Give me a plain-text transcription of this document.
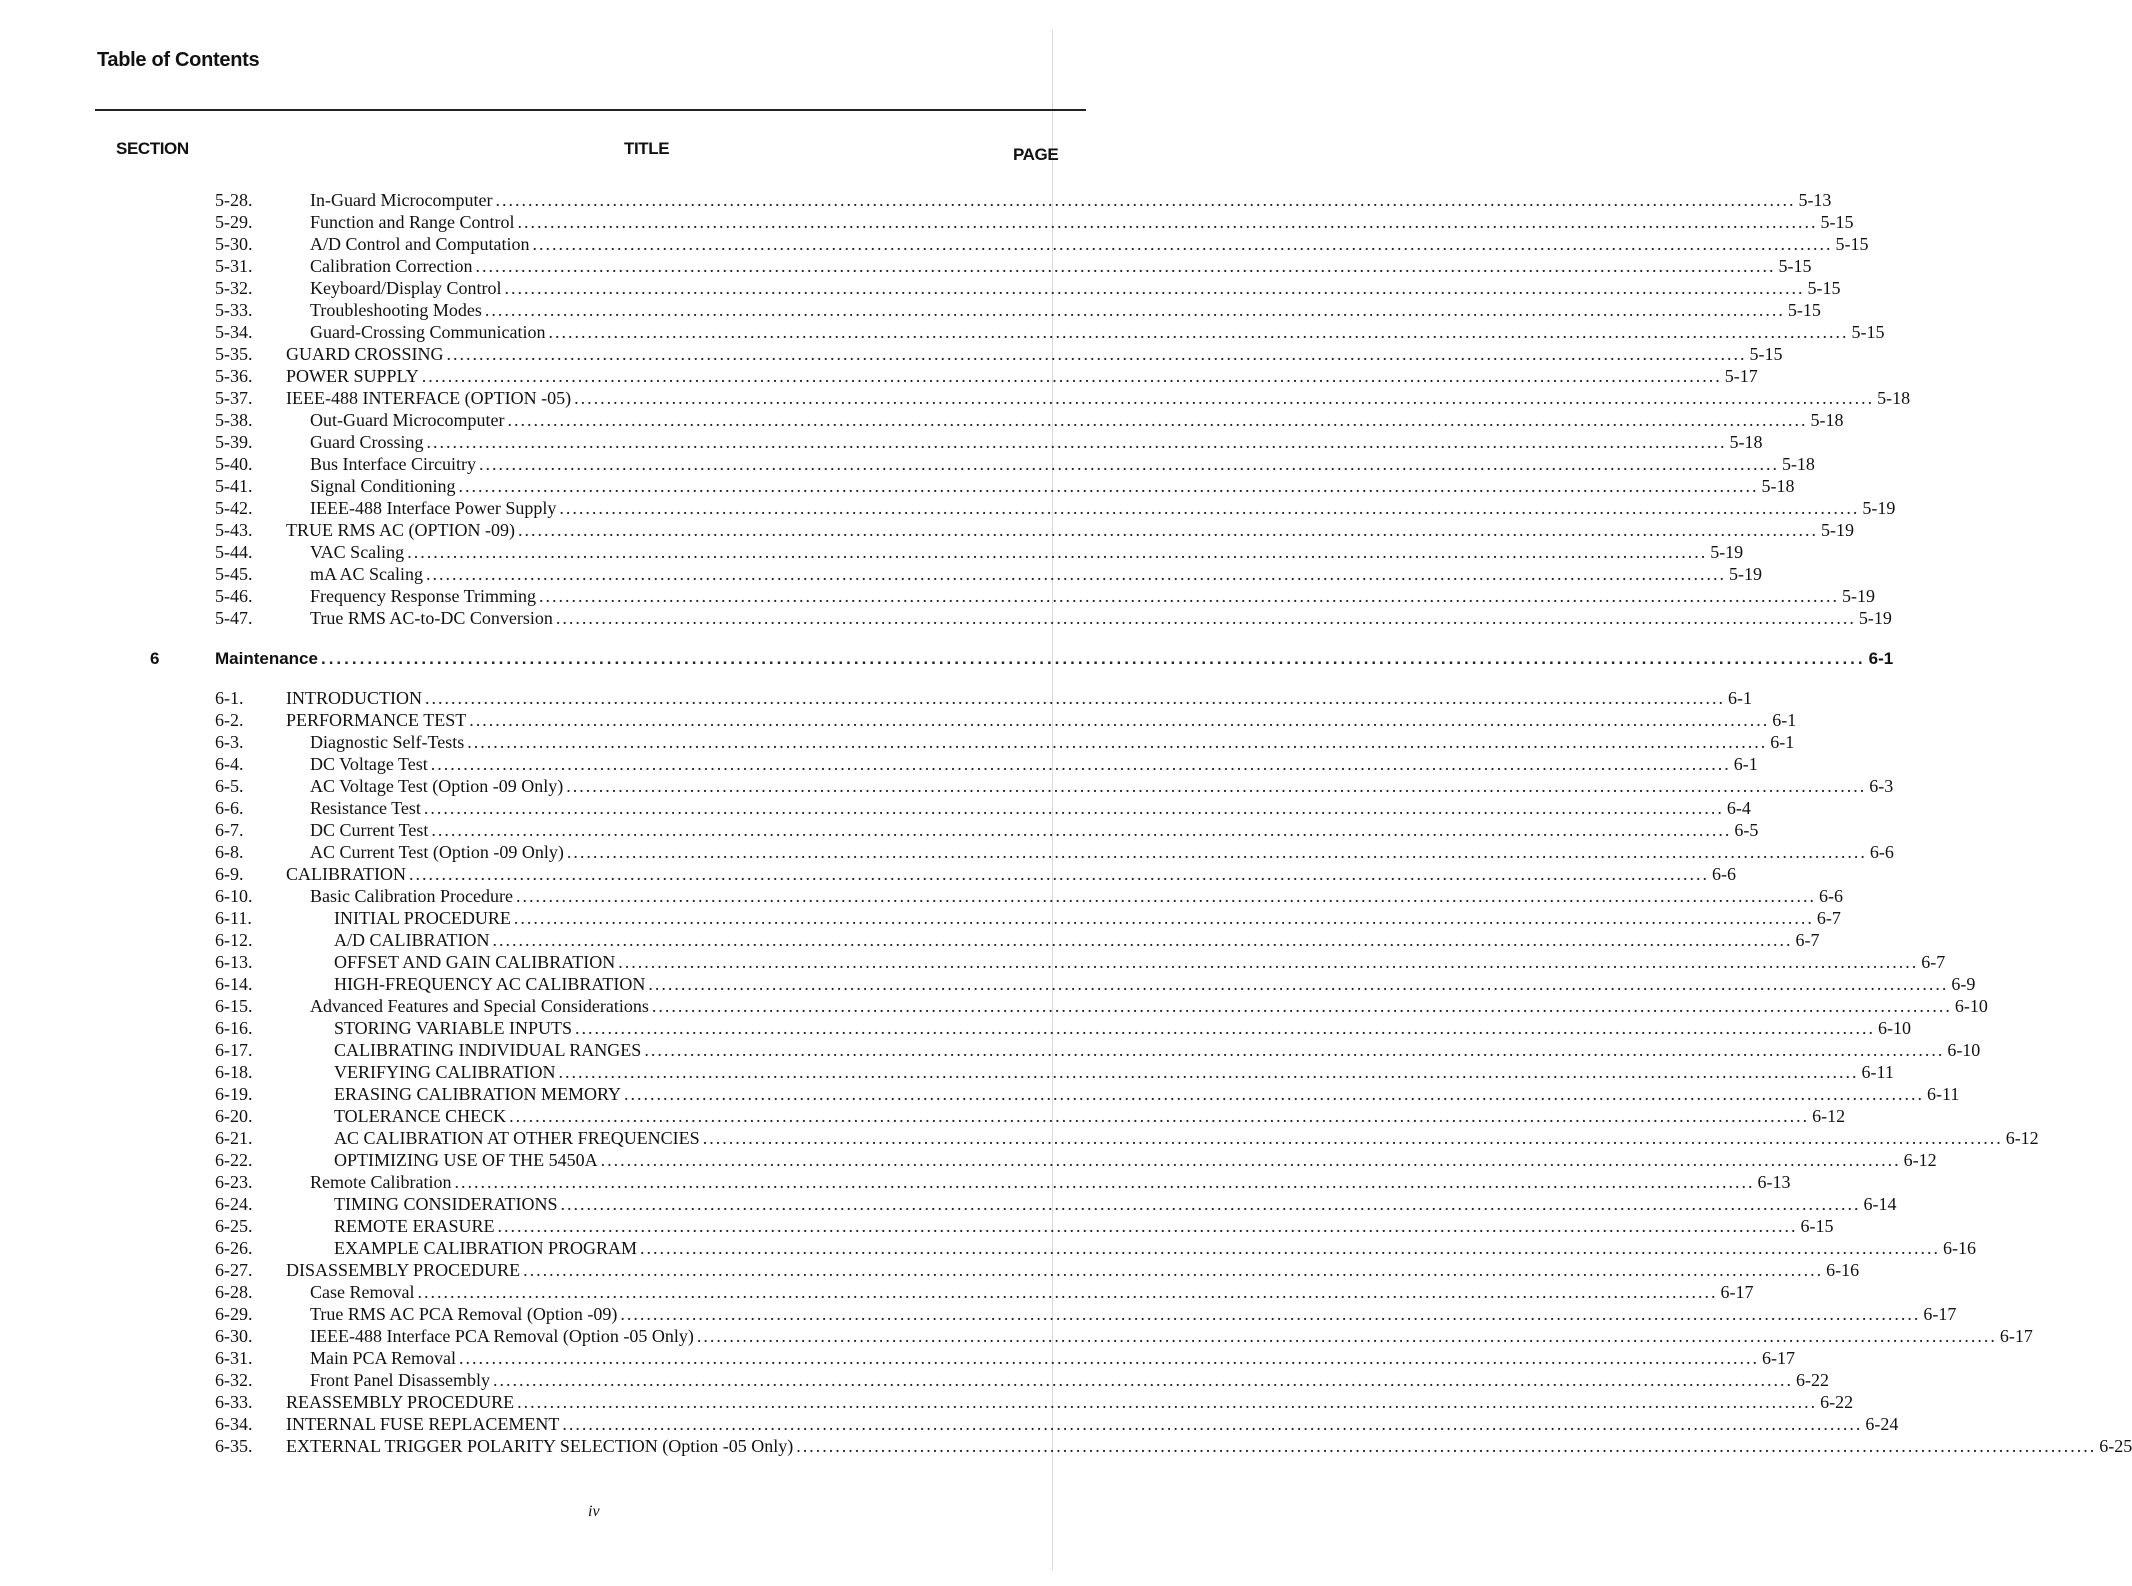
Table of Contents
SECTION	TITLE	PAGE
5-28.	In-Guard Microcomputer ........................................................................................................................................................................................................ 5-13
5-29.	Function and Range Control ........................................................................................................................................................................................................ 5-15
5-30.	A/D Control and Computation ........................................................................................................................................................................................................ 5-15
5-31.	Calibration Correction ........................................................................................................................................................................................................ 5-15
5-32.	Keyboard/Display Control ........................................................................................................................................................................................................ 5-15
5-33.	Troubleshooting Modes ........................................................................................................................................................................................................ 5-15
5-34.	Guard-Crossing Communication ........................................................................................................................................................................................................ 5-15
5-35. GUARD CROSSING ........................................................................................................................................................................................................ 5-15
5-36. POWER SUPPLY ........................................................................................................................................................................................................ 5-17
5-37. IEEE-488 INTERFACE (OPTION -05) ........................................................................................................................................................................................................ 5-18
5-38.	Out-Guard Microcomputer ........................................................................................................................................................................................................ 5-18
5-39.	Guard Crossing ........................................................................................................................................................................................................ 5-18
5-40.	Bus Interface Circuitry ........................................................................................................................................................................................................ 5-18
5-41.	Signal Conditioning ........................................................................................................................................................................................................ 5-18
5-42.	IEEE-488 Interface Power Supply ........................................................................................................................................................................................................ 5-19
5-43. TRUE RMS AC (OPTION -09) ........................................................................................................................................................................................................ 5-19
5-44.	VAC Scaling ........................................................................................................................................................................................................ 5-19
5-45.	mA AC Scaling ........................................................................................................................................................................................................ 5-19
5-46.	Frequency Response Trimming ........................................................................................................................................................................................................ 5-19
5-47.	True RMS AC-to-DC Conversion ........................................................................................................................................................................................................ 5-19
6	Maintenance ........................................................................................................................................................................................................ 6-1
6-1. INTRODUCTION ........................................................................................................................................................................................................ 6-1
6-2. PERFORMANCE TEST ........................................................................................................................................................................................................ 6-1
6-3.	Diagnostic Self-Tests ........................................................................................................................................................................................................ 6-1
6-4.	DC Voltage Test ........................................................................................................................................................................................................ 6-1
6-5.	AC Voltage Test (Option -09 Only) ........................................................................................................................................................................................................ 6-3
6-6.	Resistance Test ........................................................................................................................................................................................................ 6-4
6-7.	DC Current Test ........................................................................................................................................................................................................ 6-5
6-8.	AC Current Test (Option -09 Only) ........................................................................................................................................................................................................ 6-6
6-9. CALIBRATION ........................................................................................................................................................................................................ 6-6
6-10.	Basic Calibration Procedure ........................................................................................................................................................................................................ 6-6
6-11.	INITIAL PROCEDURE ........................................................................................................................................................................................................ 6-7
6-12.	A/D CALIBRATION ........................................................................................................................................................................................................ 6-7
6-13.	OFFSET AND GAIN CALIBRATION ........................................................................................................................................................................................................ 6-7
6-14.	HIGH-FREQUENCY AC CALIBRATION ........................................................................................................................................................................................................ 6-9
6-15.	Advanced Features and Special Considerations ........................................................................................................................................................................................................ 6-10
6-16.	STORING VARIABLE INPUTS ........................................................................................................................................................................................................ 6-10
6-17.	CALIBRATING INDIVIDUAL RANGES ........................................................................................................................................................................................................ 6-10
6-18.	VERIFYING CALIBRATION ........................................................................................................................................................................................................ 6-11
6-19.	ERASING CALIBRATION MEMORY ........................................................................................................................................................................................................ 6-11
6-20.	TOLERANCE CHECK ........................................................................................................................................................................................................ 6-12
6-21.	AC CALIBRATION AT OTHER FREQUENCIES ........................................................................................................................................................................................................ 6-12
6-22.	OPTIMIZING USE OF THE 5450A ........................................................................................................................................................................................................ 6-12
6-23.	Remote Calibration ........................................................................................................................................................................................................ 6-13
6-24.	TIMING CONSIDERATIONS ........................................................................................................................................................................................................ 6-14
6-25.	REMOTE ERASURE ........................................................................................................................................................................................................ 6-15
6-26.	EXAMPLE CALIBRATION PROGRAM ........................................................................................................................................................................................................ 6-16
6-27. DISASSEMBLY PROCEDURE ........................................................................................................................................................................................................ 6-16
6-28.	Case Removal ........................................................................................................................................................................................................ 6-17
6-29.	True RMS AC PCA Removal (Option -09) ........................................................................................................................................................................................................ 6-17
6-30.	IEEE-488 Interface PCA Removal (Option -05 Only) ........................................................................................................................................................................................................ 6-17
6-31.	Main PCA Removal ........................................................................................................................................................................................................ 6-17
6-32.	Front Panel Disassembly ........................................................................................................................................................................................................ 6-22
6-33. REASSEMBLY PROCEDURE ........................................................................................................................................................................................................ 6-22
6-34. INTERNAL FUSE REPLACEMENT ........................................................................................................................................................................................................ 6-24
6-35. EXTERNAL TRIGGER POLARITY SELECTION (Option -05 Only) ........................................................................................................................................................................................................ 6-25
iv
